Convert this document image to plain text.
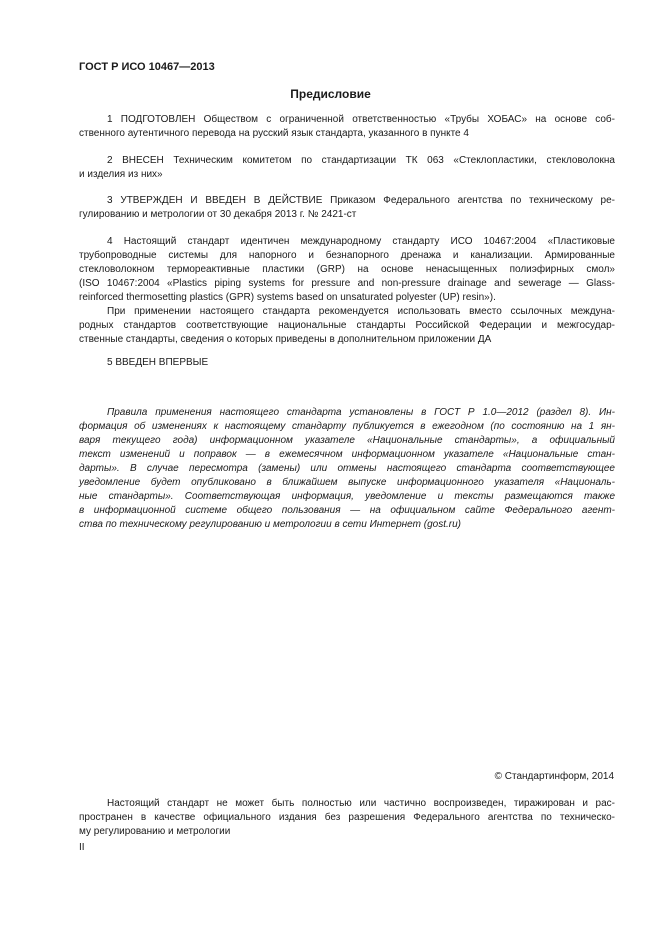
ГОСТ Р ИСО 10467—2013
Предисловие
1 ПОДГОТОВЛЕН Обществом с ограниченной ответственностью «Трубы ХОБАС» на основе соб-
ственного аутентичного перевода на русский язык стандарта, указанного в пункте 4
2 ВНЕСЕН Техническим комитетом по стандартизации ТК 063 «Стеклопластики, стекловолокна
и изделия из них»
3 УТВЕРЖДЕН И ВВЕДЕН В ДЕЙСТВИЕ Приказом Федерального агентства по техническому ре-
гулированию и метрологии от 30 декабря 2013 г. № 2421-ст
4 Настоящий стандарт идентичен международному стандарту ИСО 10467:2004 «Пластиковые
трубопроводные системы для напорного и безнапорного дренажа и канализации. Армированные
стекловолокном термореактивные пластики (GRP) на основе ненасыщенных полиэфирных смол»
(ISO 10467:2004 «Plastics piping systems for pressure and non-pressure drainage and sewerage — Glass-
reinforced thermosetting plastics (GPR) systems based on unsaturated polyester (UP) resin»).
При применении настоящего стандарта рекомендуется использовать вместо ссылочных междуна-
родных стандартов соответствующие национальные стандарты Российской Федерации и межгосудар-
ственные стандарты, сведения о которых приведены в дополнительном приложении ДА
5 ВВЕДЕН ВПЕРВЫЕ
Правила применения настоящего стандарта установлены в ГОСТ Р 1.0—2012 (раздел 8). Ин-
формация об изменениях к настоящему стандарту публикуется в ежегодном (по состоянию на 1 ян-
варя текущего года) информационном указателе «Национальные стандарты», а официальный
текст изменений и поправок — в ежемесячном информационном указателе «Национальные стан-
дарты». В случае пересмотра (замены) или отмены настоящего стандарта соответствующее
уведомление будет опубликовано в ближайшем выпуске информационного указателя «Националь-
ные стандарты». Соответствующая информация, уведомление и тексты размещаются также
в информационной системе общего пользования — на официальном сайте Федерального агент-
ства по техническому регулированию и метрологии в сети Интернет (gost.ru)
© Стандартинформ, 2014
Настоящий стандарт не может быть полностью или частично воспроизведен, тиражирован и рас-
пространен в качестве официального издания без разрешения Федерального агентства по техническо-
му регулированию и метрологии
II
